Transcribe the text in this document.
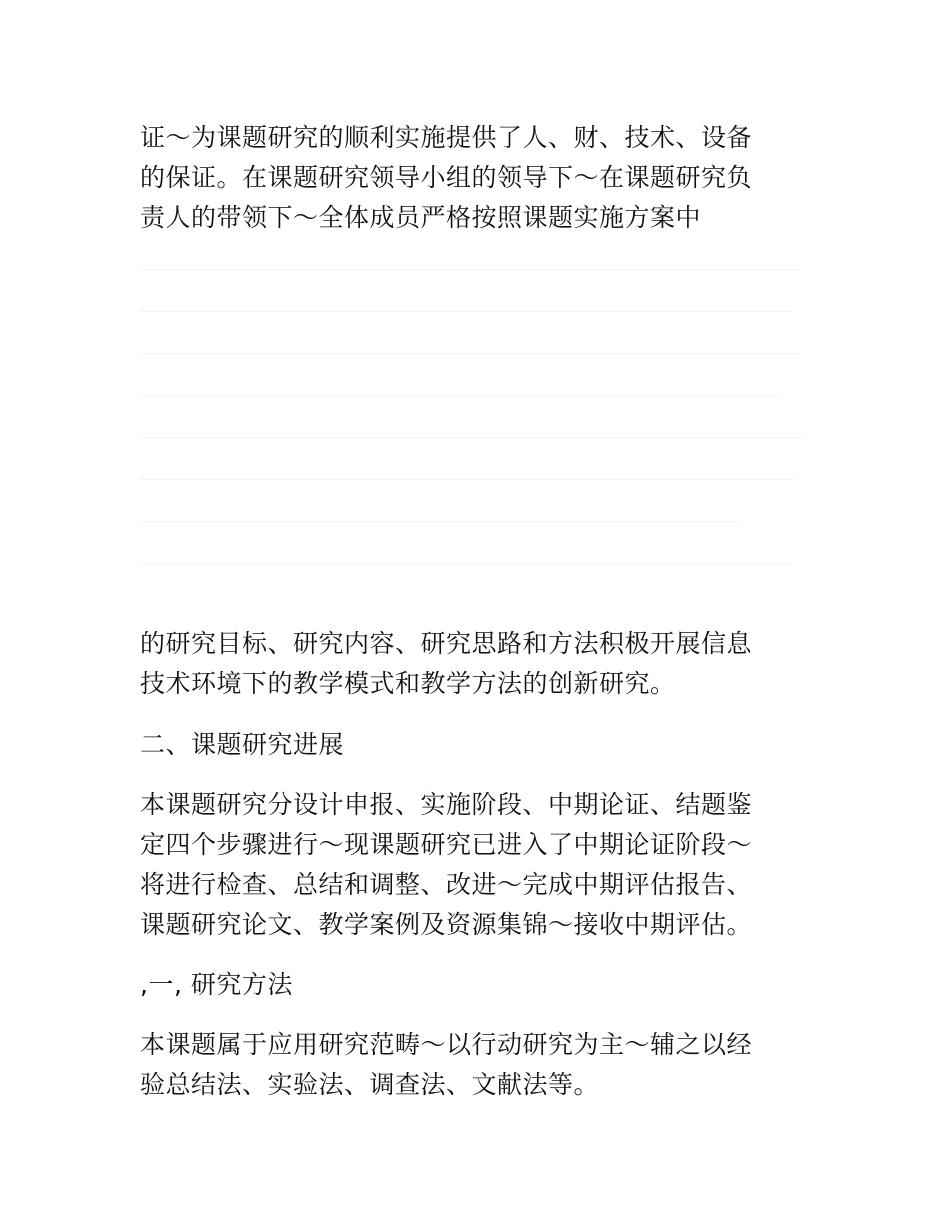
证～为课题研究的顺利实施提供了人、财、技术、设备
的保证。在课题研究领导小组的领导下～在课题研究负
责人的带领下～全体成员严格按照课题实施方案中
的研究目标、研究内容、研究思路和方法积极开展信息
技术环境下的教学模式和教学方法的创新研究。
二、课题研究进展
本课题研究分设计申报、实施阶段、中期论证、结题鉴
定四个步骤进行～现课题研究已进入了中期论证阶段～
将进行检查、总结和调整、改进～完成中期评估报告、
课题研究论文、教学案例及资源集锦～接收中期评估。
,一, 研究方法
本课题属于应用研究范畴～以行动研究为主～辅之以经
验总结法、实验法、调查法、文献法等。
